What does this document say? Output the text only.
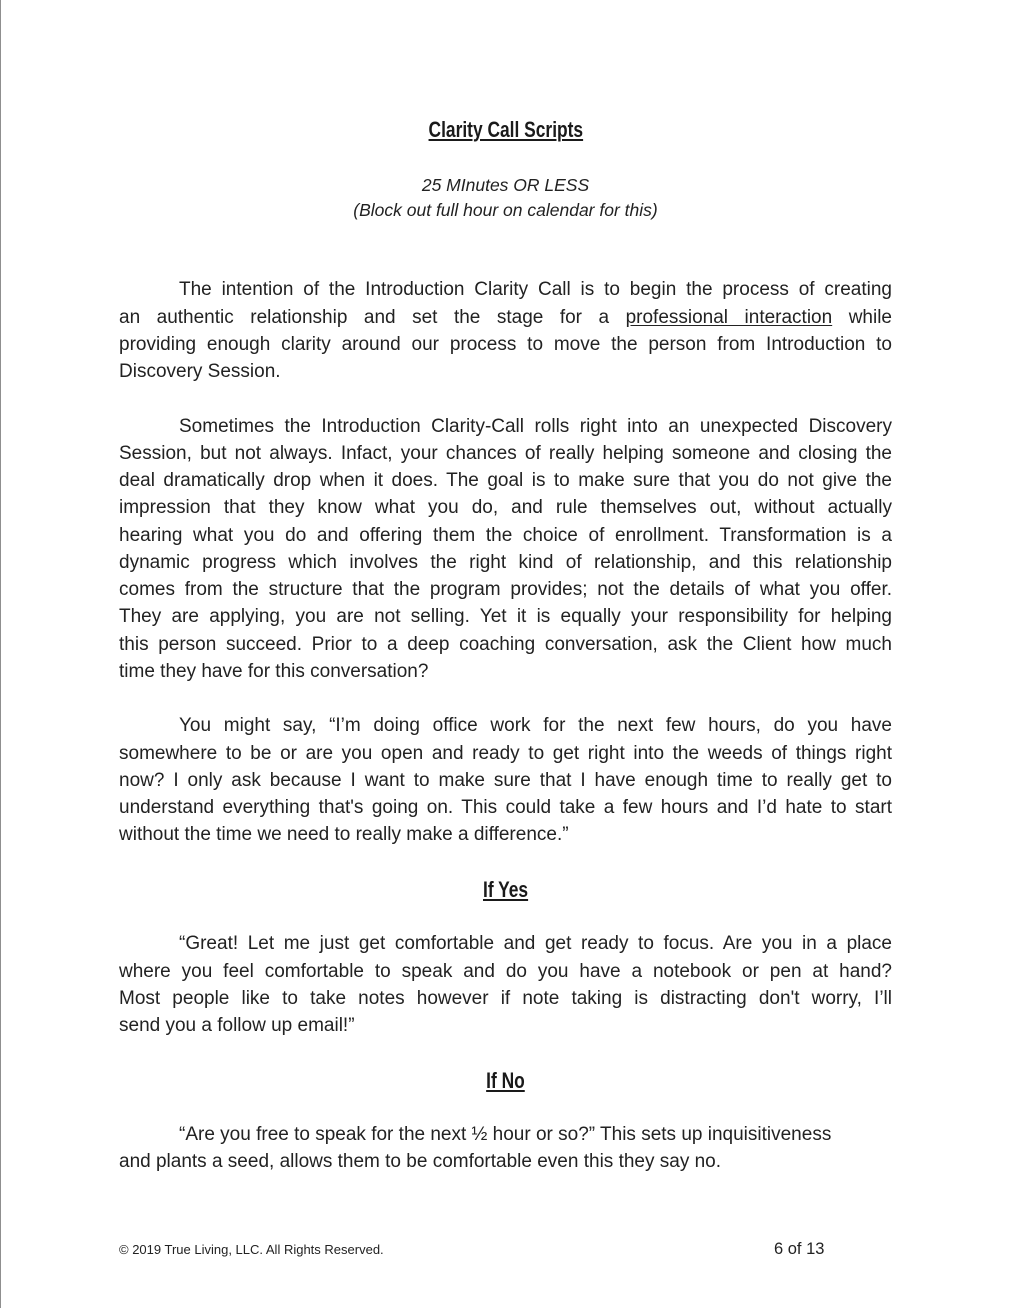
Clarity Call Scripts
25 MInutes OR LESS
(Block out full hour on calendar for this)
The intention of the Introduction Clarity Call is to begin the process of creating
an authentic relationship and set the stage for a professional interaction while
providing enough clarity around our process to move the person from Introduction to
Discovery Session.
Sometimes the Introduction Clarity-Call rolls right into an unexpected Discovery
Session, but not always. Infact, your chances of really helping someone and closing the
deal dramatically drop when it does. The goal is to make sure that you do not give the
impression that they know what you do, and rule themselves out, without actually
hearing what you do and offering them the choice of enrollment. Transformation is a
dynamic progress which involves the right kind of relationship, and this relationship
comes from the structure that the program provides; not the details of what you offer.
They are applying, you are not selling. Yet it is equally your responsibility for helping
this person succeed. Prior to a deep coaching conversation, ask the Client how much
time they have for this conversation?
You might say, “I’m doing office work for the next few hours, do you have
somewhere to be or are you open and ready to get right into the weeds of things right
now? I only ask because I want to make sure that I have enough time to really get to
understand everything that's going on. This could take a few hours and I’d hate to start
without the time we need to really make a difference.”
If Yes
“Great! Let me just get comfortable and get ready to focus. Are you in a place
where you feel comfortable to speak and do you have a notebook or pen at hand?
Most people like to take notes however if note taking is distracting don't worry, I’ll
send you a follow up email!”
If No
“Are you free to speak for the next ½ hour or so?” This sets up inquisitiveness
and plants a seed, allows them to be comfortable even this they say no.
© 2019 True Living, LLC. All Rights Reserved.	6 of 13
